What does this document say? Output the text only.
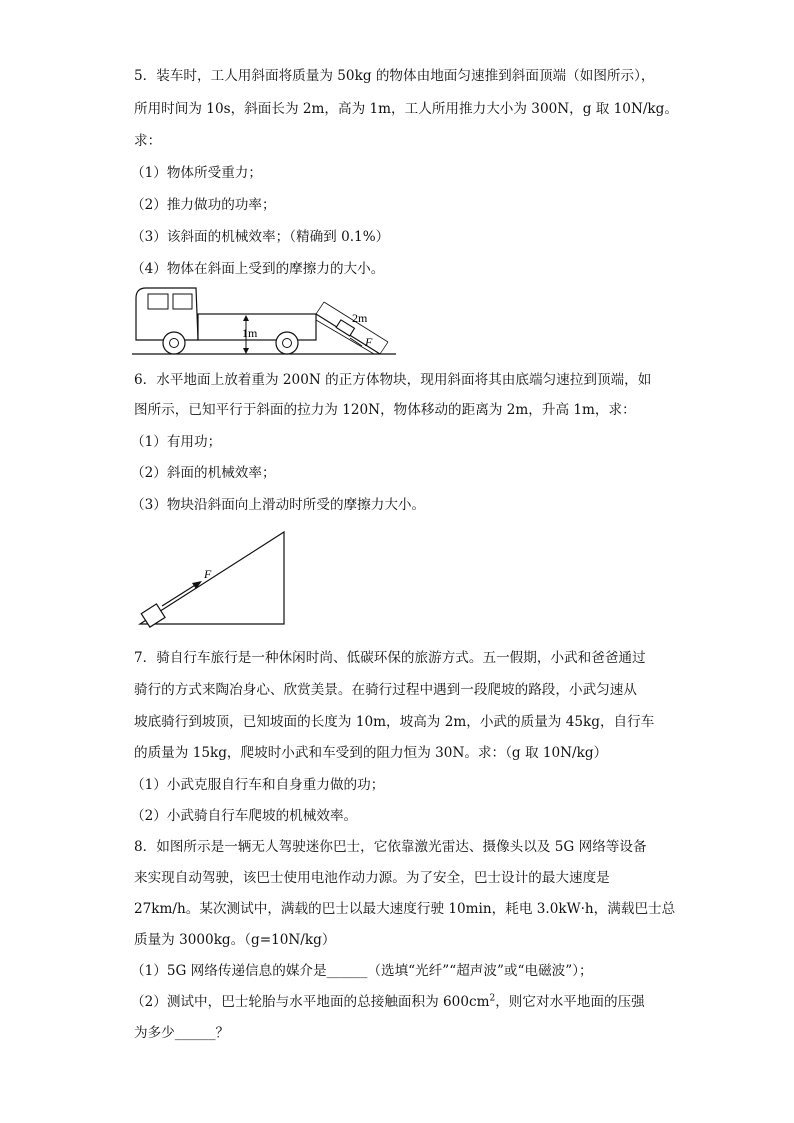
5．装车时，工人用斜面将质量为 50kg 的物体由地面匀速推到斜面顶端（如图所示），
所用时间为 10s，斜面长为 2m，高为 1m，工人所用推力大小为 300N，g 取 10N/kg。
求：
（1）物体所受重力；
（2）推力做功的功率；
（3）该斜面的机械效率；（精确到 0.1%）
（4）物体在斜面上受到的摩擦力的大小。
1m
2m
F
6．水平地面上放着重为 200N 的正方体物块，现用斜面将其由底端匀速拉到顶端，如
图所示，已知平行于斜面的拉力为 120N，物体移动的距离为 2m，升高 1m，求：
（1）有用功；
（2）斜面的机械效率；
（3）物块沿斜面向上滑动时所受的摩擦力大小。
F
7．骑自行车旅行是一种休闲时尚、低碳环保的旅游方式。五一假期，小武和爸爸通过
骑行的方式来陶冶身心、欣赏美景。在骑行过程中遇到一段爬坡的路段，小武匀速从
坡底骑行到坡顶，已知坡面的长度为 10m，坡高为 2m，小武的质量为 45kg，自行车
的质量为 15kg，爬坡时小武和车受到的阻力恒为 30N。求：（g 取 10N/kg）
（1）小武克服自行车和自身重力做的功；
（2）小武骑自行车爬坡的机械效率。
8．如图所示是一辆无人驾驶迷你巴士，它依靠激光雷达、摄像头以及 5G 网络等设备
来实现自动驾驶，该巴士使用电池作动力源。为了安全，巴士设计的最大速度是
27km/h。某次测试中，满载的巴士以最大速度行驶 10min，耗电 3.0kW·h，满载巴士总
质量为 3000kg。（g=10N/kg）
（1）5G 网络传递信息的媒介是______（选填“光纤”“超声波”或“电磁波”）；
（2）测试中，巴士轮胎与水平地面的总接触面积为 $600cm^2$，则它对水平地面的压强
为多少______？
